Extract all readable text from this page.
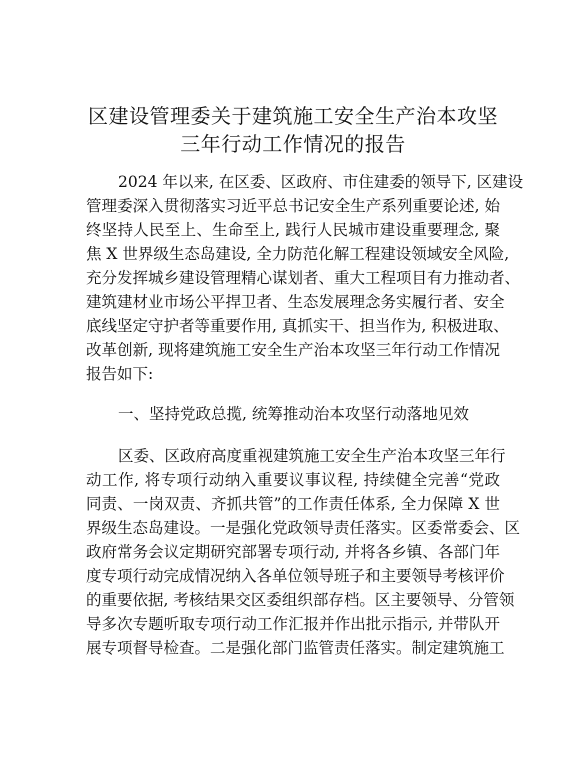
区建设管理委关于建筑施工安全生产治本攻坚
三年行动工作情况的报告
2024 年以来, 在区委、区政府、市住建委的领导下, 区建设
管理委深入贯彻落实习近平总书记安全生产系列重要论述, 始
终坚持人民至上、生命至上, 践行人民城市建设重要理念, 聚
焦 X 世界级生态岛建设, 全力防范化解工程建设领域安全风险,
充分发挥城乡建设管理精心谋划者、重大工程项目有力推动者、
建筑建材业市场公平捍卫者、生态发展理念务实履行者、安全
底线坚定守护者等重要作用, 真抓实干、担当作为, 积极进取、
改革创新, 现将建筑施工安全生产治本攻坚三年行动工作情况
报告如下:
一、坚持党政总揽, 统筹推动治本攻坚行动落地见效
区委、区政府高度重视建筑施工安全生产治本攻坚三年行
动工作, 将专项行动纳入重要议事议程, 持续健全完善“党政
同责、一岗双责、齐抓共管”的工作责任体系, 全力保障 X 世
界级生态岛建设。一是强化党政领导责任落实。区委常委会、区
政府常务会议定期研究部署专项行动, 并将各乡镇、各部门年
度专项行动完成情况纳入各单位领导班子和主要领导考核评价
的重要依据, 考核结果交区委组织部存档。区主要领导、分管领
导多次专题听取专项行动工作汇报并作出批示指示, 并带队开
展专项督导检查。二是强化部门监管责任落实。制定建筑施工
